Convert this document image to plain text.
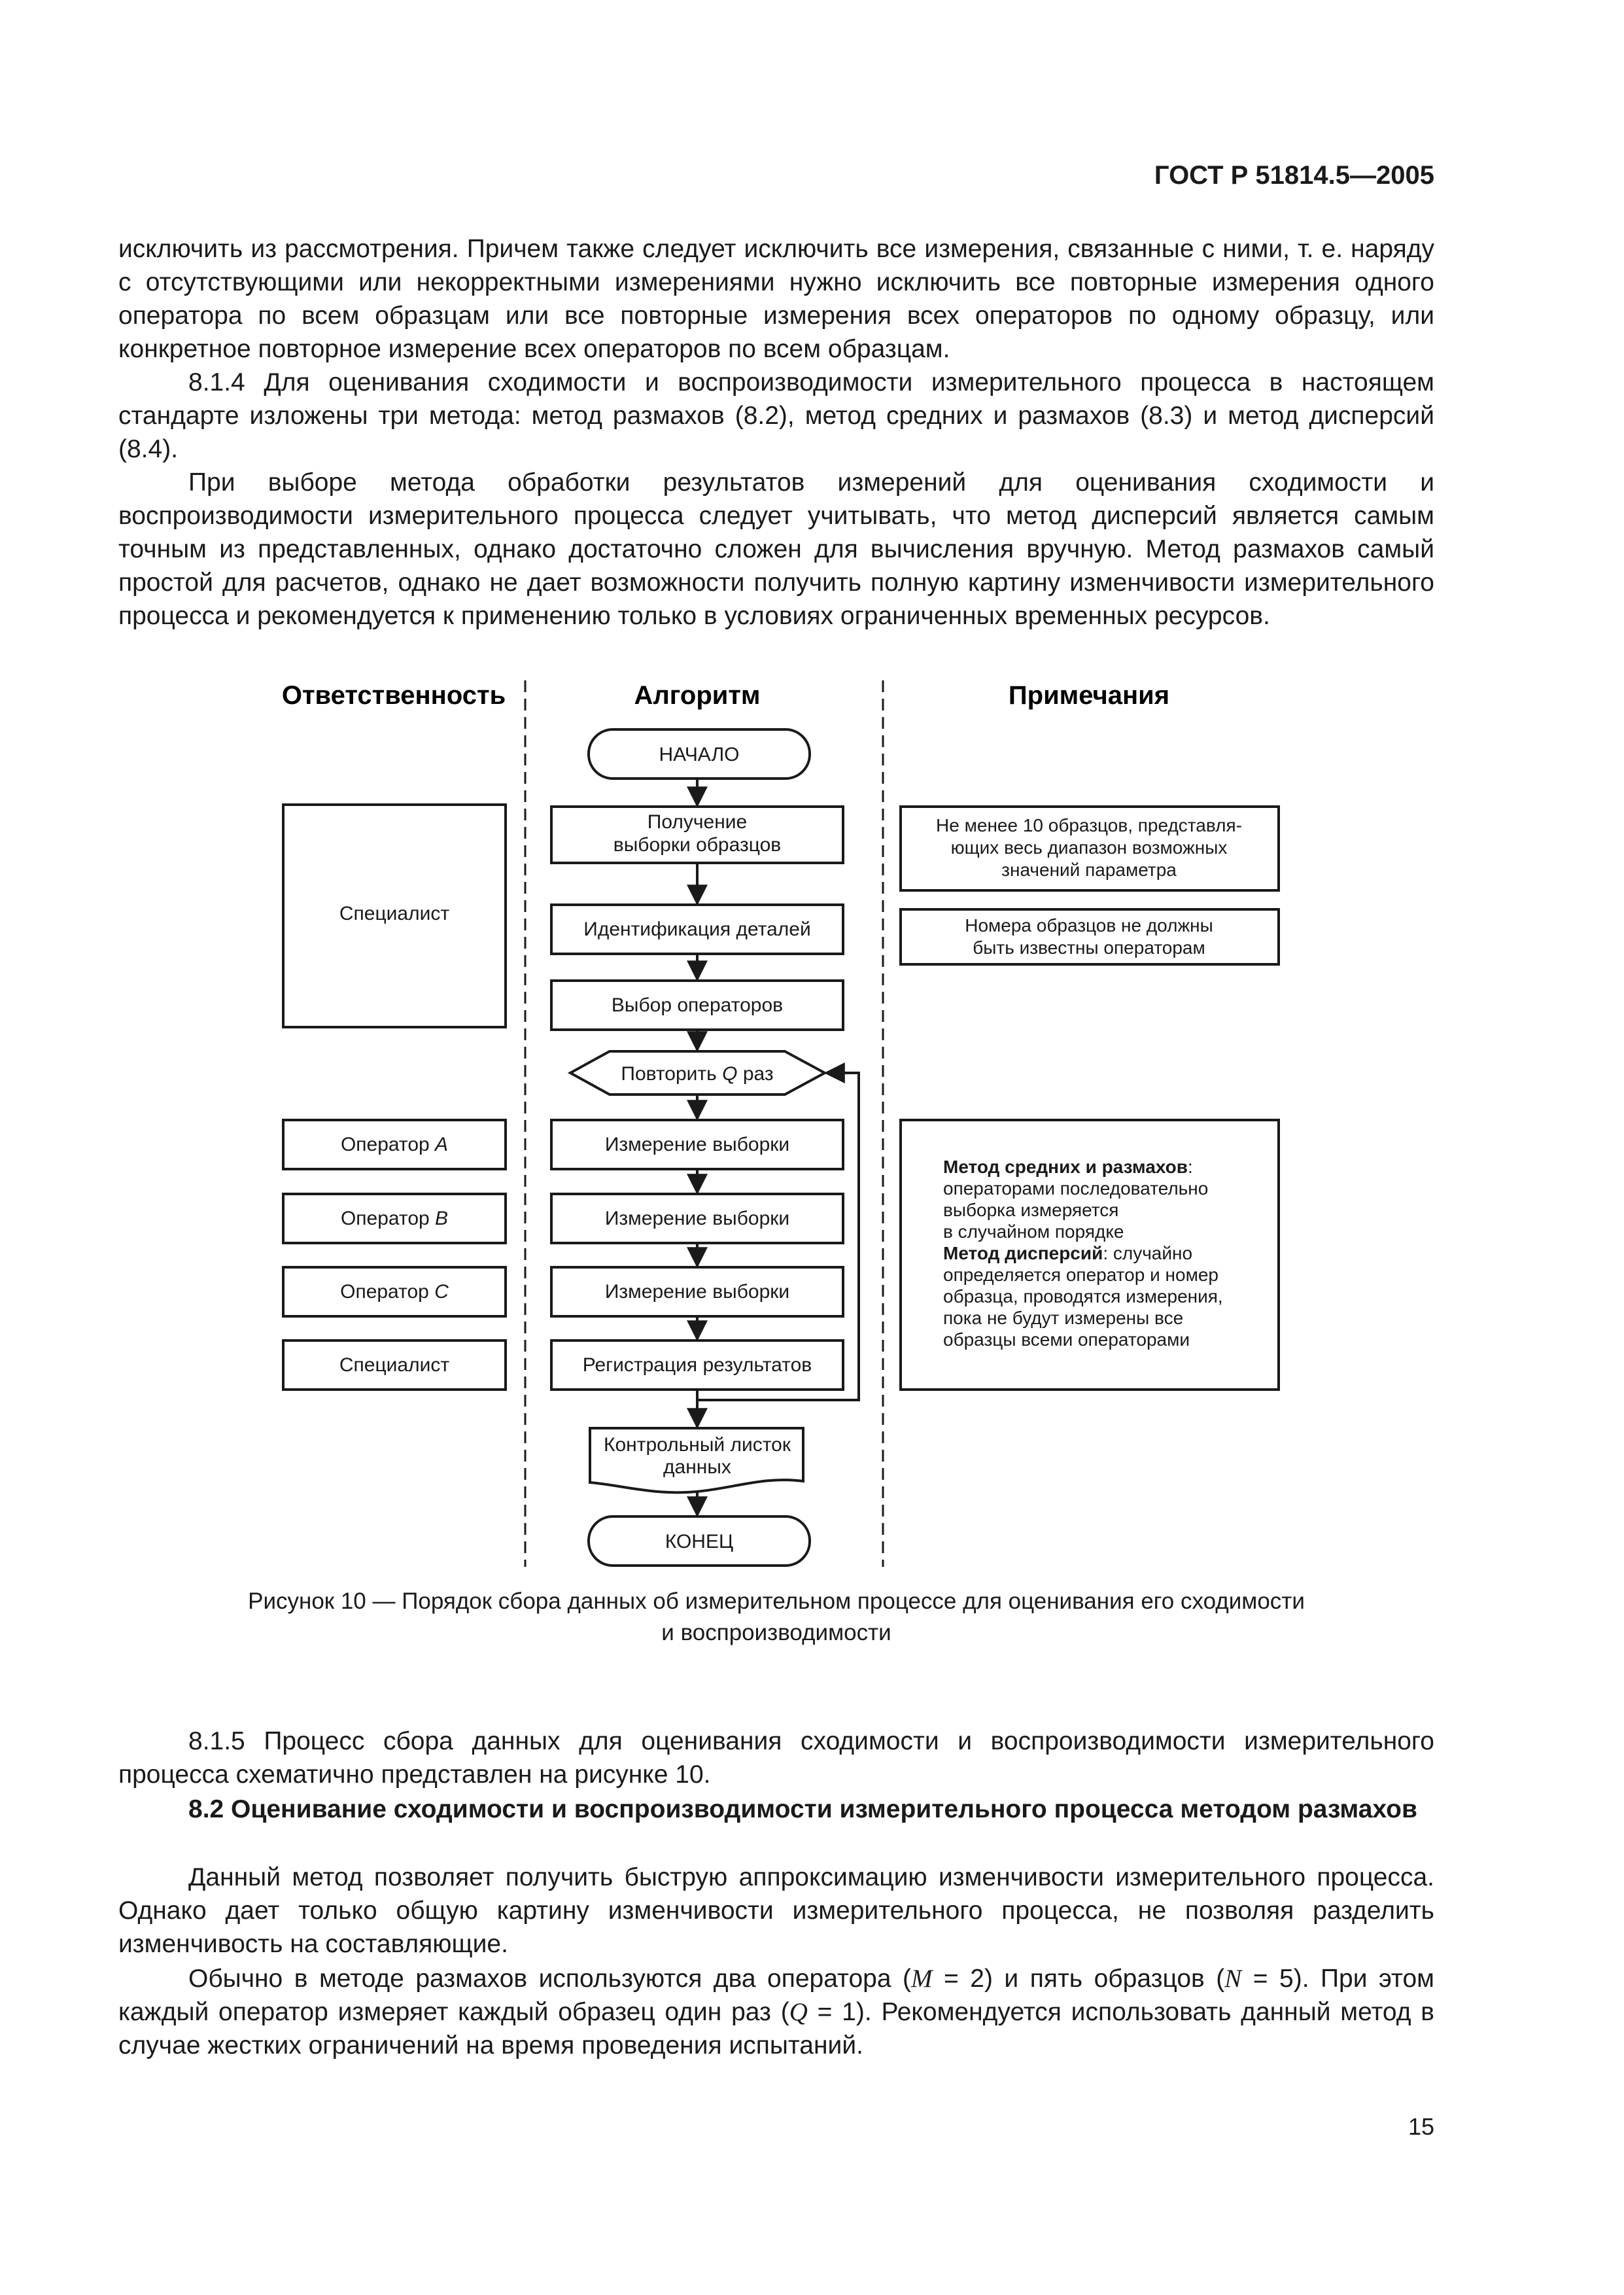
ГОСТ Р 51814.5—2005
исключить из рассмотрения. Причем также следует исключить все измерения, связанные с ними, т. е. наряду с отсутствующими или некорректными измерениями нужно исключить все повторные измерения одного оператора по всем образцам или все повторные измерения всех операторов по одному образцу, или конкретное повторное измерение всех операторов по всем образцам.
8.1.4 Для оценивания сходимости и воспроизводимости измерительного процесса в настоящем стандарте изложены три метода: метод размахов (8.2), метод средних и размахов (8.3) и метод дисперсий (8.4).
При выборе метода обработки результатов измерений для оценивания сходимости и воспроизводимости измерительного процесса следует учитывать, что метод дисперсий является самым точным из представленных, однако достаточно сложен для вычисления вручную. Метод размахов самый простой для расчетов, однако не дает возможности получить полную картину изменчивости измерительного процесса и рекомендуется к применению только в условиях ограниченных временных ресурсов.
Ответственность	Алгоритм	Примечания
НАЧАЛО
Получение
выборки образцов
Идентификация деталей
Выбор операторов
Повторить Q раз
Измерение выборки
Измерение выборки
Измерение выборки
Регистрация результатов
Контрольный листок
данных
КОНЕЦ
Специалист
Оператор A
Оператор B
Оператор C
Специалист
Не менее 10 образцов, представля-
ющих весь диапазон возможных
значений параметра
Номера образцов не должны
быть известны операторам
Метод средних и размахов:
операторами последовательно
выборка измеряется
в случайном порядке
Метод дисперсий: случайно
определяется оператор и номер
образца, проводятся измерения,
пока не будут измерены все
образцы всеми операторами
Рисунок 10 — Порядок сбора данных об измерительном процессе для оценивания его сходимости
и воспроизводимости
8.1.5 Процесс сбора данных для оценивания сходимости и воспроизводимости измерительного процесса схематично представлен на рисунке 10.
8.2 Оценивание сходимости и воспроизводимости измерительного процесса методом размахов
Данный метод позволяет получить быструю аппроксимацию изменчивости измерительного процесса. Однако дает только общую картину изменчивости измерительного процесса, не позволяя разделить изменчивость на составляющие.
Обычно в методе размахов используются два оператора (M = 2) и пять образцов (N = 5). При этом каждый оператор измеряет каждый образец один раз (Q = 1). Рекомендуется использовать данный метод в случае жестких ограничений на время проведения испытаний.
15
